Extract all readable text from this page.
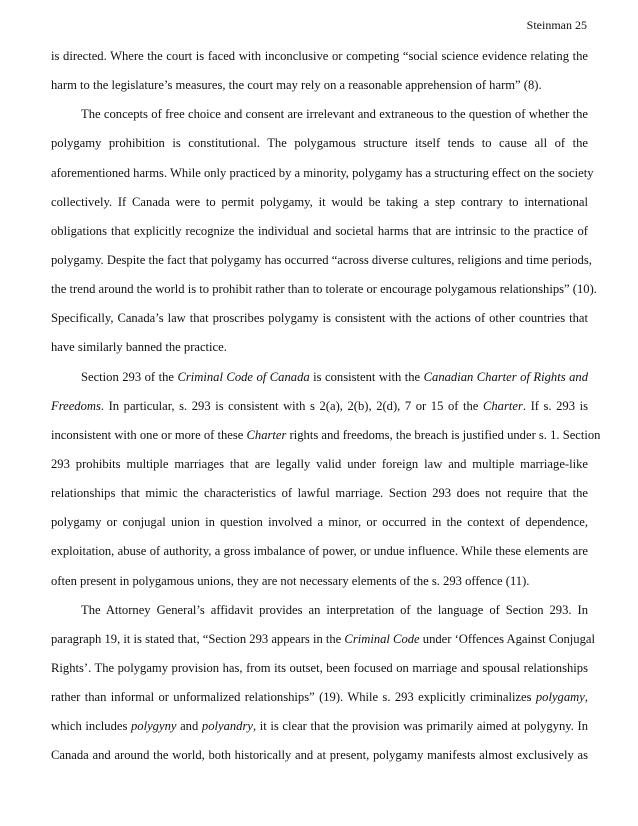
Steinman 25
is directed. Where the court is faced with inconclusive or competing “social science evidence relating the
harm to the legislature’s measures, the court may rely on a reasonable apprehension of harm” (8).
The concepts of free choice and consent are irrelevant and extraneous to the question of whether the
polygamy prohibition is constitutional. The polygamous structure itself tends to cause all of the
aforementioned harms. While only practiced by a minority, polygamy has a structuring effect on the society
collectively. If Canada were to permit polygamy, it would be taking a step contrary to international
obligations that explicitly recognize the individual and societal harms that are intrinsic to the practice of
polygamy. Despite the fact that polygamy has occurred “across diverse cultures, religions and time periods,
the trend around the world is to prohibit rather than to tolerate or encourage polygamous relationships” (10).
Specifically, Canada’s law that proscribes polygamy is consistent with the actions of other countries that
have similarly banned the practice.
Section 293 of the Criminal Code of Canada is consistent with the Canadian Charter of Rights and
Freedoms. In particular, s. 293 is consistent with s 2(a), 2(b), 2(d), 7 or 15 of the Charter. If s. 293 is
inconsistent with one or more of these Charter rights and freedoms, the breach is justified under s. 1. Section
293 prohibits multiple marriages that are legally valid under foreign law and multiple marriage-like
relationships that mimic the characteristics of lawful marriage. Section 293 does not require that the
polygamy or conjugal union in question involved a minor, or occurred in the context of dependence,
exploitation, abuse of authority, a gross imbalance of power, or undue influence. While these elements are
often present in polygamous unions, they are not necessary elements of the s. 293 offence (11).
The Attorney General’s affidavit provides an interpretation of the language of Section 293. In
paragraph 19, it is stated that, “Section 293 appears in the Criminal Code under ‘Offences Against Conjugal
Rights’. The polygamy provision has, from its outset, been focused on marriage and spousal relationships
rather than informal or unformalized relationships” (19). While s. 293 explicitly criminalizes polygamy,
which includes polygyny and polyandry, it is clear that the provision was primarily aimed at polygyny. In
Canada and around the world, both historically and at present, polygamy manifests almost exclusively as
